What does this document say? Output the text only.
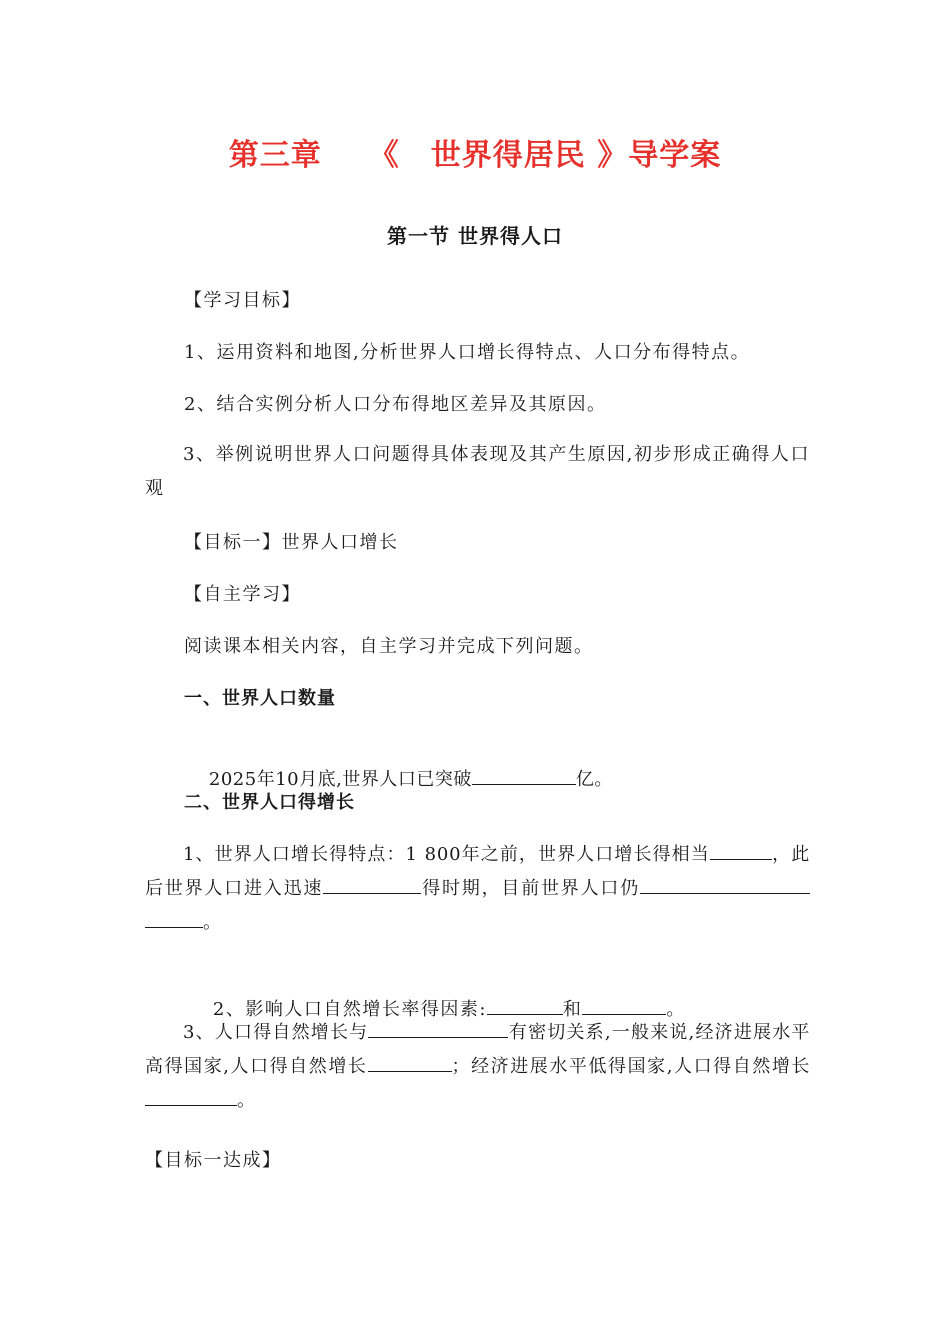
第三章　　《　世界得居民 》导学案
第一节 世界得人口
【学习目标】
1、运用资料和地图,分析世界人口增长得特点、人口分布得特点。
2、结合实例分析人口分布得地区差异及其原因。
3、举例说明世界人口问题得具体表现及其产生原因,初步形成正确得人口观
【目标一】世界人口增长
【自主学习】
阅读课本相关内容，自主学习并完成下列问题。
一、世界人口数量

2025年10月底,世界人口已突破	亿。

二、世界人口得增长
1、世界人口增长得特点：1 800年之前，世界人口增长得相当	，此后世界人口进入迅速	得时期，目前世界人口仍。

2、影响人口自然增长率得因素:	和	。

3、人口得自然增长与	有密切关系,一般来说,经济进展水平高得国家,人口得自然增长	；经济进展水平低得国家,人口得自然增长。
【目标一达成】
